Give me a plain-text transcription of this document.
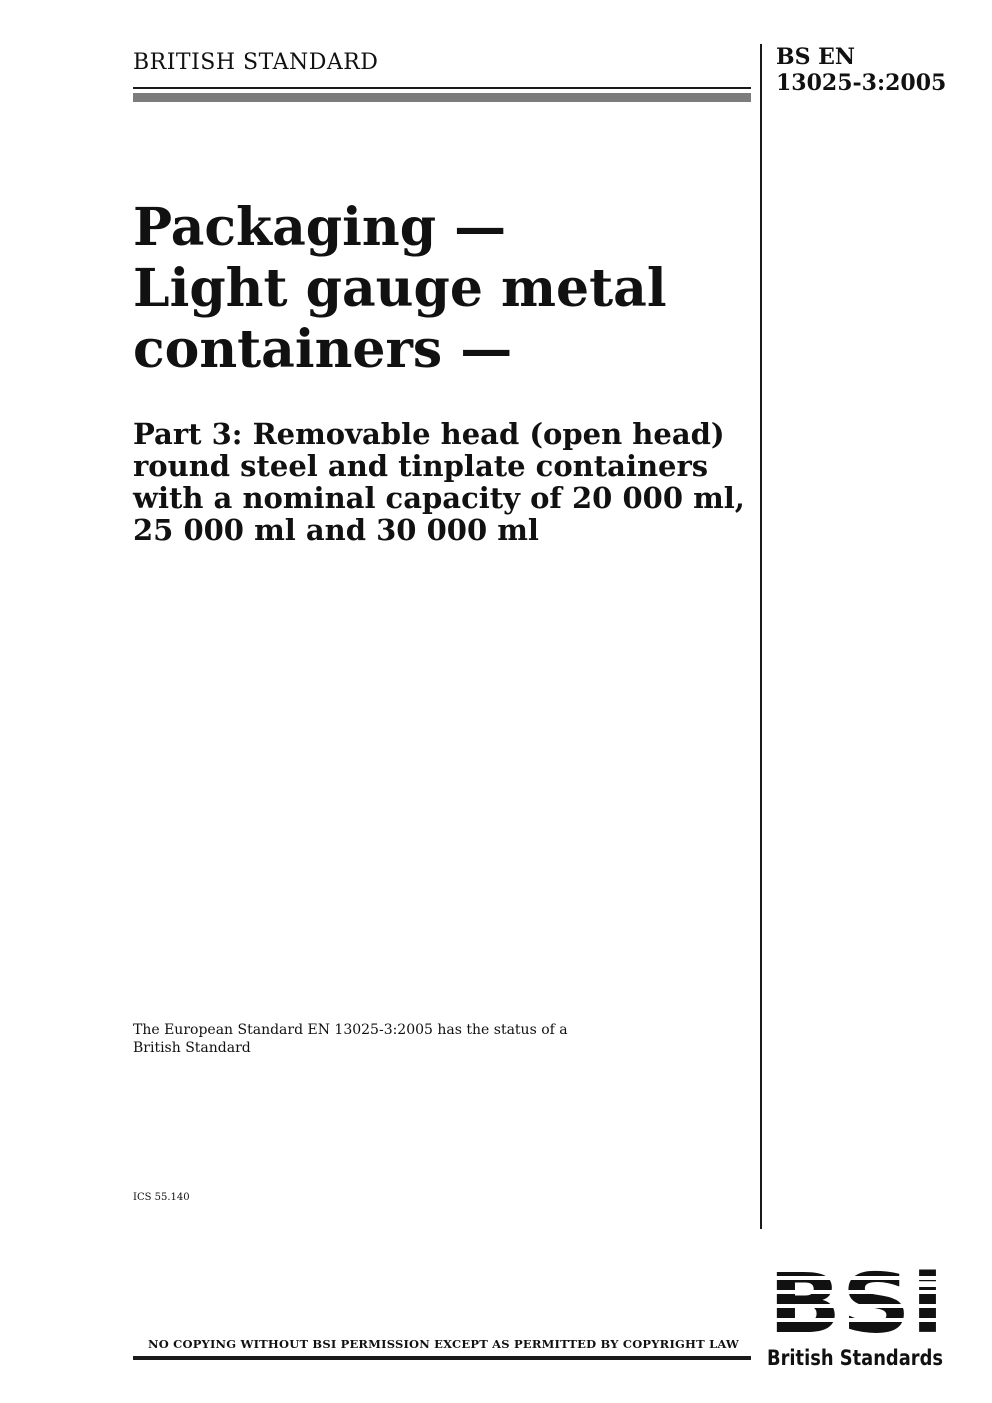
BRITISH STANDARD	BS EN
13025-3:2005
Packaging —
Light gauge metal
containers —
Part 3: Removable head (open head)
round steel and tinplate containers
with a nominal capacity of 20 000 ml,
25 000 ml and 30 000 ml
The European Standard EN 13025-3:2005 has the status of a
British Standard
ICS 55.140
NO COPYING WITHOUT BSI PERMISSION EXCEPT AS PERMITTED BY COPYRIGHT LAW
British Standards
